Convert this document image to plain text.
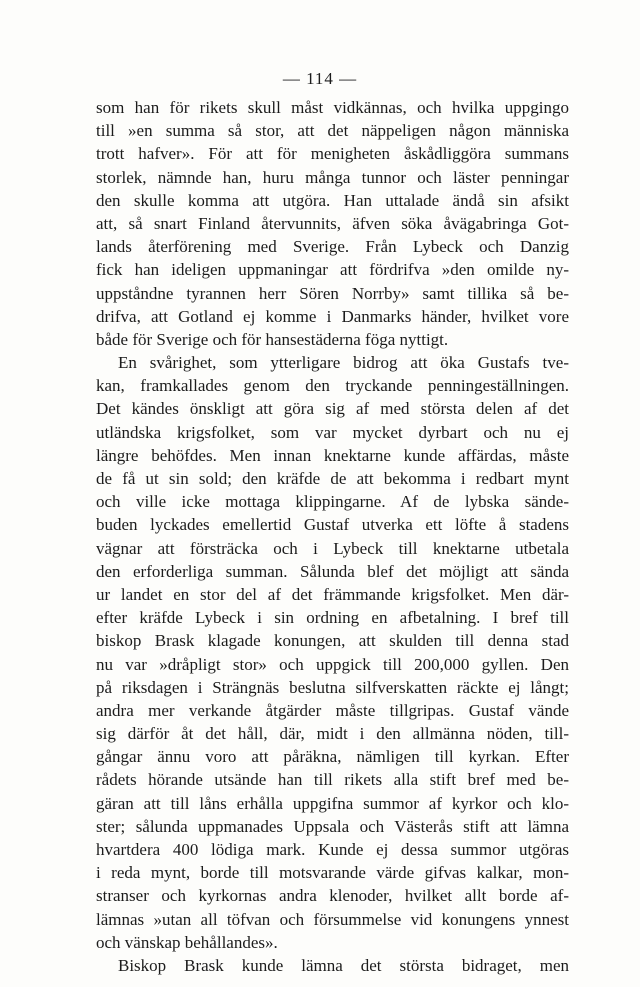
— 114 —
som han för rikets skull måst vidkännas, och hvilka uppgingo
till »en summa så stor, att det näppeligen någon människa
trott hafver». För att för menigheten åskådliggöra summans
storlek, nämnde han, huru många tunnor och läster penningar
den skulle komma att utgöra. Han uttalade ändå sin afsikt
att, så snart Finland återvunnits, äfven söka åvägabringa Got-
lands återförening med Sverige. Från Lybeck och Danzig
fick han ideligen uppmaningar att fördrifva »den omilde ny-
uppståndne tyrannen herr Sören Norrby» samt tillika så be-
drifva, att Gotland ej komme i Danmarks händer, hvilket vore
både för Sverige och för hansestäderna föga nyttigt.
En svårighet, som ytterligare bidrog att öka Gustafs tve-
kan, framkallades genom den tryckande penningeställningen.
Det kändes önskligt att göra sig af med största delen af det
utländska krigsfolket, som var mycket dyrbart och nu ej
längre behöfdes. Men innan knektarne kunde affärdas, måste
de få ut sin sold; den kräfde de att bekomma i redbart mynt
och ville icke mottaga klippingarne. Af de lybska sände-
buden lyckades emellertid Gustaf utverka ett löfte å stadens
vägnar att försträcka och i Lybeck till knektarne utbetala
den erforderliga summan. Sålunda blef det möjligt att sända
ur landet en stor del af det främmande krigsfolket. Men där-
efter kräfde Lybeck i sin ordning en afbetalning. I bref till
biskop Brask klagade konungen, att skulden till denna stad
nu var »dråpligt stor» och uppgick till 200,000 gyllen. Den
på riksdagen i Strängnäs beslutna silfverskatten räckte ej långt;
andra mer verkande åtgärder måste tillgripas. Gustaf vände
sig därför åt det håll, där, midt i den allmänna nöden, till-
gångar ännu voro att påräkna, nämligen till kyrkan. Efter
rådets hörande utsände han till rikets alla stift bref med be-
gäran att till låns erhålla uppgifna summor af kyrkor och klo-
ster; sålunda uppmanades Uppsala och Västerås stift att lämna
hvartdera 400 lödiga mark. Kunde ej dessa summor utgöras
i reda mynt, borde till motsvarande värde gifvas kalkar, mon-
stranser och kyrkornas andra klenoder, hvilket allt borde af-
lämnas »utan all töfvan och försummelse vid konungens ynnest
och vänskap behållandes».
Biskop Brask kunde lämna det största bidraget, men
